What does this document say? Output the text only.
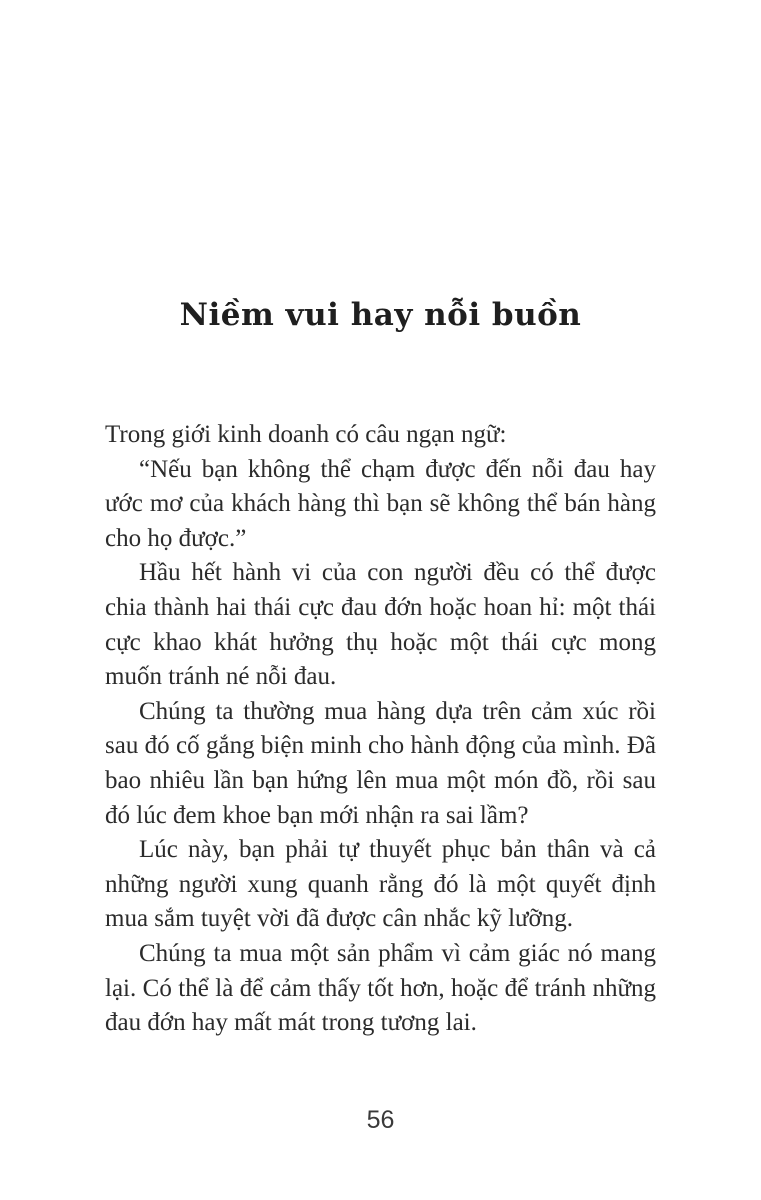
Niềm vui hay nỗi buồn

Trong giới kinh doanh có câu ngạn ngữ:

“Nếu bạn không thể chạm được đến nỗi đau hay ước mơ của khách hàng thì bạn sẽ không thể bán hàng cho họ được.”

Hầu hết hành vi của con người đều có thể được chia thành hai thái cực đau đớn hoặc hoan hỉ: một thái cực khao khát hưởng thụ hoặc một thái cực mong muốn tránh né nỗi đau.

Chúng ta thường mua hàng dựa trên cảm xúc rồi sau đó cố gắng biện minh cho hành động của mình. Đã bao nhiêu lần bạn hứng lên mua một món đồ, rồi sau đó lúc đem khoe bạn mới nhận ra sai lầm?

Lúc này, bạn phải tự thuyết phục bản thân và cả những người xung quanh rằng đó là một quyết định mua sắm tuyệt vời đã được cân nhắc kỹ lưỡng.

Chúng ta mua một sản phẩm vì cảm giác nó mang lại. Có thể là để cảm thấy tốt hơn, hoặc để tránh những đau đớn hay mất mát trong tương lai.

56
